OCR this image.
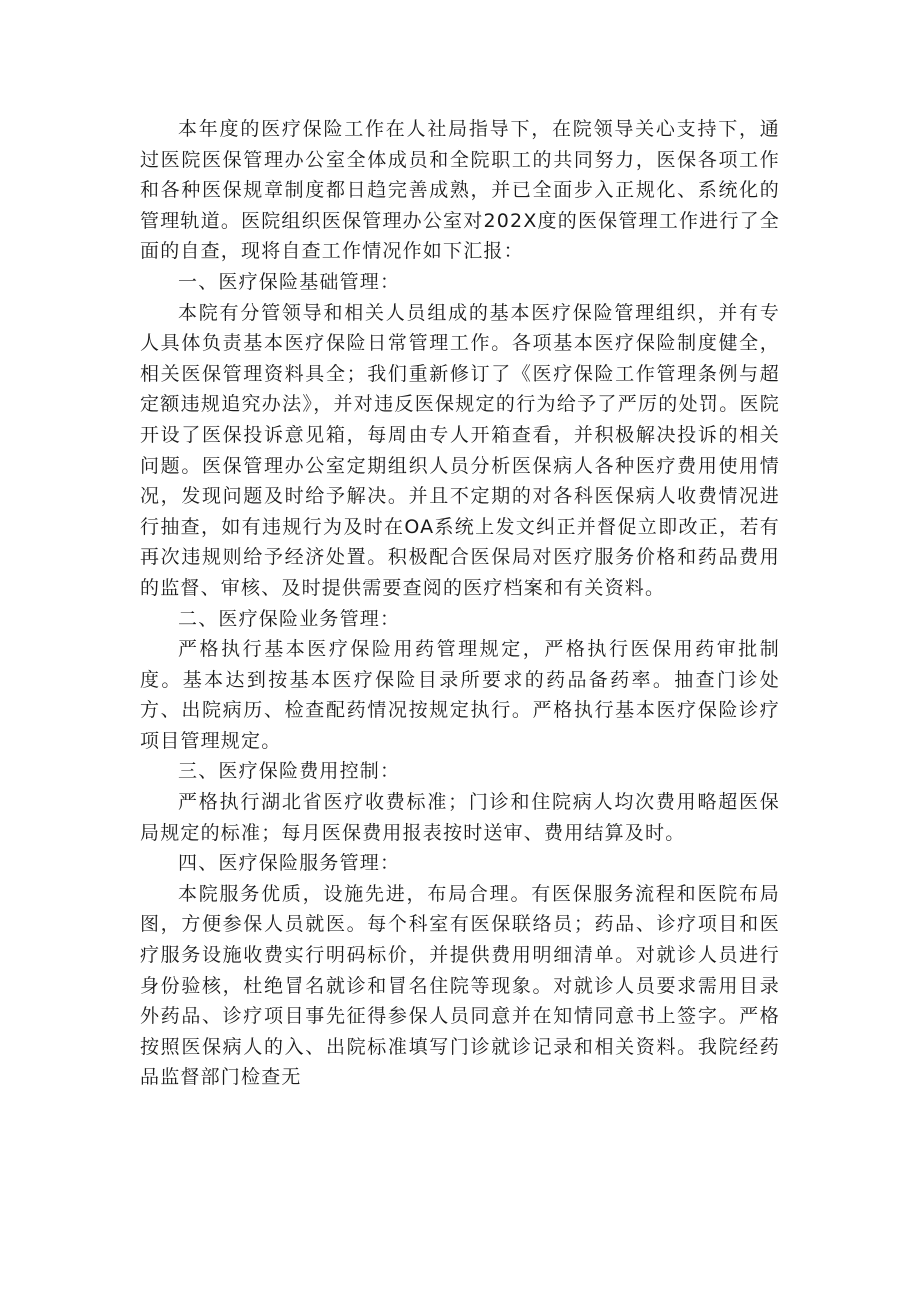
本年度的医疗保险工作在人社局指导下，在院领导关心支持下，通过医院医保管理办公室全体成员和全院职工的共同努力，医保各项工作和各种医保规章制度都日趋完善成熟，并已全面步入正规化、系统化的管理轨道。医院组织医保管理办公室对202X度的医保管理工作进行了全面的自查，现将自查工作情况作如下汇报：

一、医疗保险基础管理：

本院有分管领导和相关人员组成的基本医疗保险管理组织，并有专人具体负责基本医疗保险日常管理工作。各项基本医疗保险制度健全，相关医保管理资料具全；我们重新修订了《医疗保险工作管理条例与超定额违规追究办法》，并对违反医保规定的行为给予了严厉的处罚。医院开设了医保投诉意见箱，每周由专人开箱查看，并积极解决投诉的相关问题。医保管理办公室定期组织人员分析医保病人各种医疗费用使用情况，发现问题及时给予解决。并且不定期的对各科医保病人收费情况进行抽查，如有违规行为及时在OA系统上发文纠正并督促立即改正，若有再次违规则给予经济处置。积极配合医保局对医疗服务价格和药品费用的监督、审核、及时提供需要查阅的医疗档案和有关资料。

二、医疗保险业务管理：

严格执行基本医疗保险用药管理规定，严格执行医保用药审批制度。基本达到按基本医疗保险目录所要求的药品备药率。抽查门诊处方、出院病历、检查配药情况按规定执行。严格执行基本医疗保险诊疗项目管理规定。

三、医疗保险费用控制：

严格执行湖北省医疗收费标准；门诊和住院病人均次费用略超医保局规定的标准；每月医保费用报表按时送审、费用结算及时。

四、医疗保险服务管理：

本院服务优质，设施先进，布局合理。有医保服务流程和医院布局图，方便参保人员就医。每个科室有医保联络员；药品、诊疗项目和医疗服务设施收费实行明码标价，并提供费用明细清单。对就诊人员进行身份验核，杜绝冒名就诊和冒名住院等现象。对就诊人员要求需用目录外药品、诊疗项目事先征得参保人员同意并在知情同意书上签字。严格按照医保病人的入、出院标准填写门诊就诊记录和相关资料。我院经药品监督部门检查无
